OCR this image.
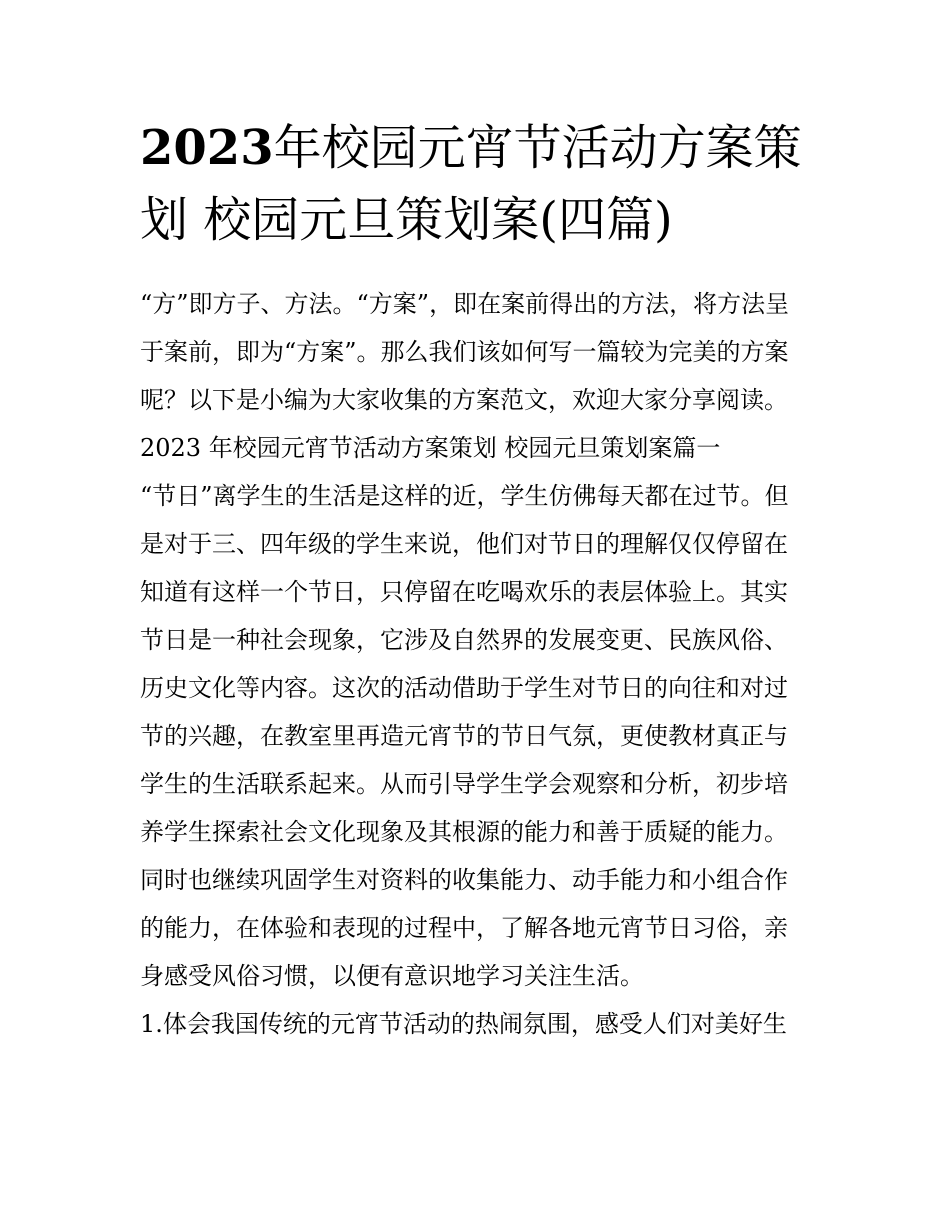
2023年校园元宵节活动方案策
划 校园元旦策划案(四篇)
“方”即方子、方法。“方案”，即在案前得出的方法，将方法呈
于案前，即为“方案”。那么我们该如何写一篇较为完美的方案
呢？以下是小编为大家收集的方案范文，欢迎大家分享阅读。
2023 年校园元宵节活动方案策划 校园元旦策划案篇一
“节日”离学生的生活是这样的近，学生仿佛每天都在过节。但
是对于三、四年级的学生来说，他们对节日的理解仅仅停留在
知道有这样一个节日，只停留在吃喝欢乐的表层体验上。其实
节日是一种社会现象，它涉及自然界的发展变更、民族风俗、
历史文化等内容。这次的活动借助于学生对节日的向往和对过
节的兴趣，在教室里再造元宵节的节日气氛，更使教材真正与
学生的生活联系起来。从而引导学生学会观察和分析，初步培
养学生探索社会文化现象及其根源的能力和善于质疑的能力。
同时也继续巩固学生对资料的收集能力、动手能力和小组合作
的能力，在体验和表现的过程中，了解各地元宵节日习俗，亲
身感受风俗习惯，以便有意识地学习关注生活。
1.体会我国传统的元宵节活动的热闹氛围，感受人们对美好生
